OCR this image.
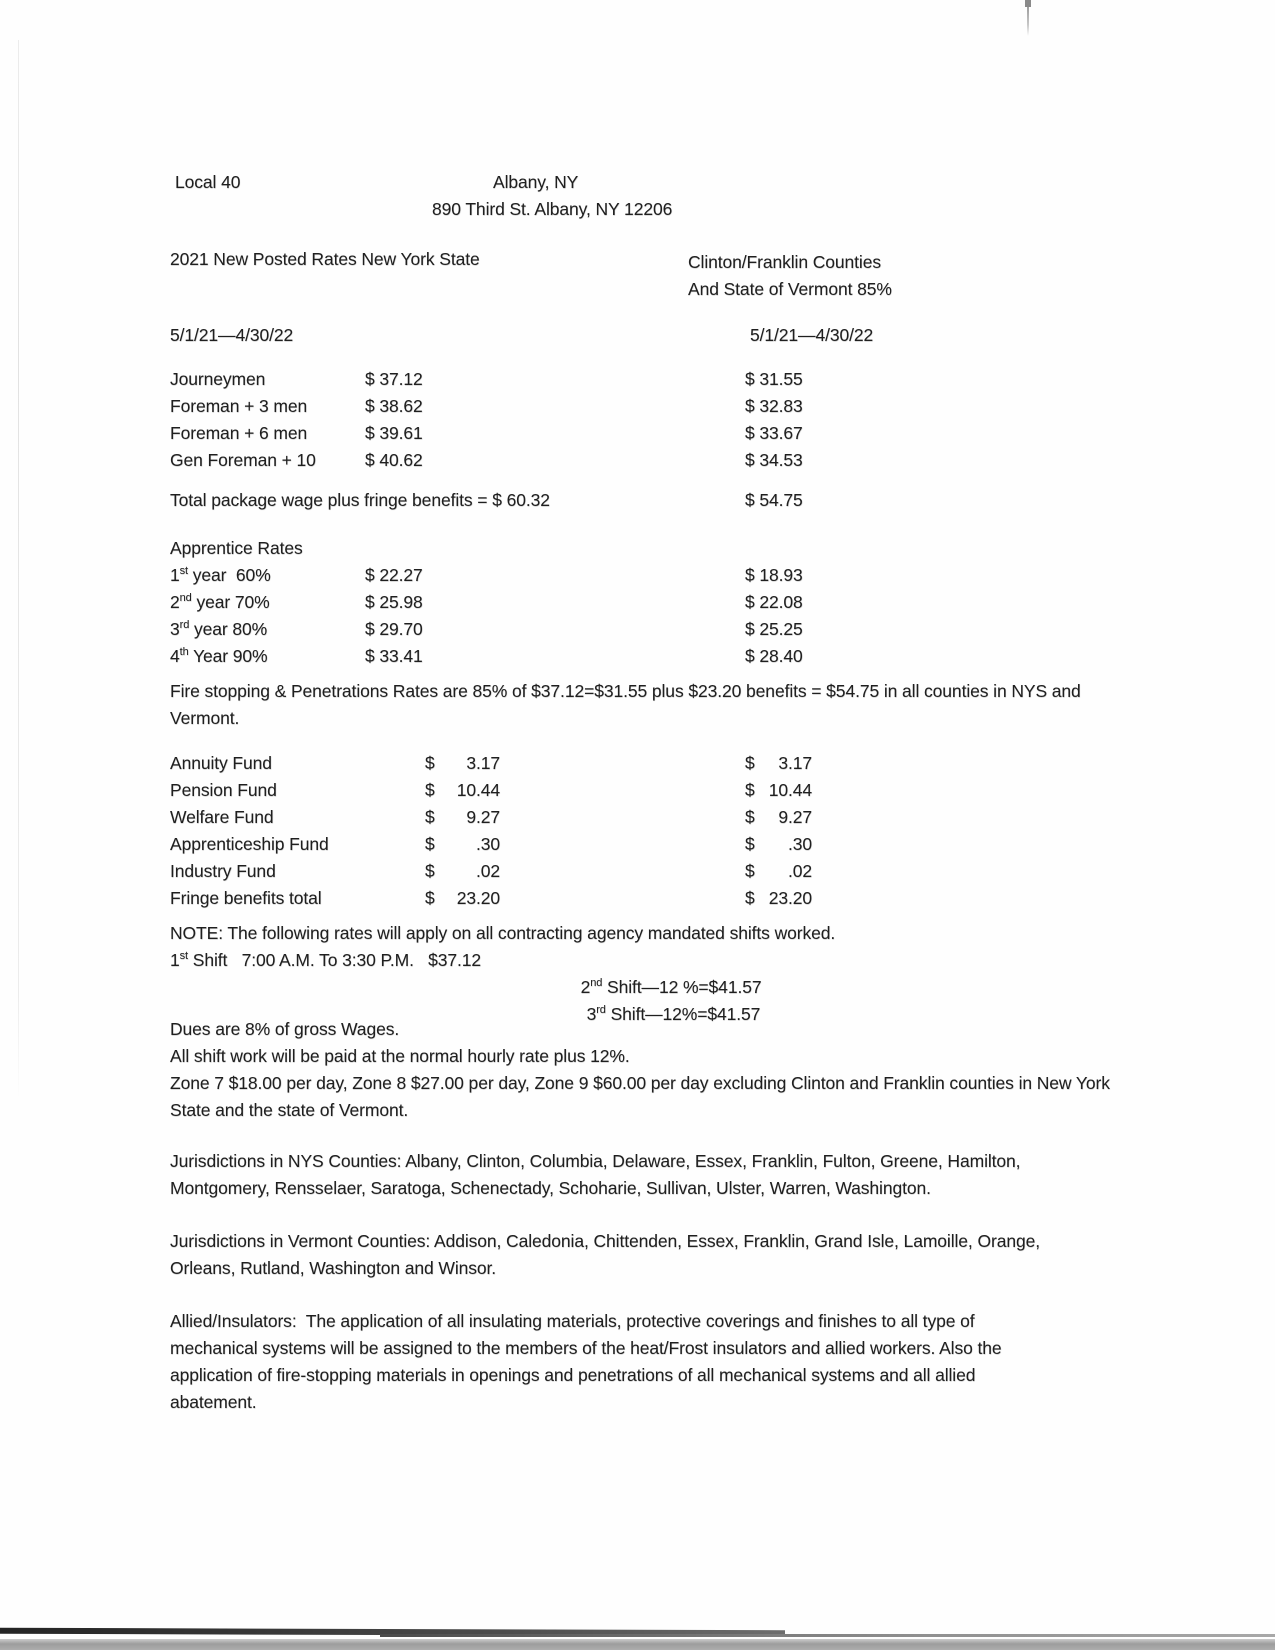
Local 40	Albany, NY
890 Third St. Albany, NY 12206
2021 New Posted Rates New York State	Clinton/Franklin Counties
And State of Vermont 85%
5/1/21—4/30/22	5/1/21—4/30/22
Journeymen	$ 37.12	$ 31.55
Foreman + 3 men	$ 38.62	$ 32.83
Foreman + 6 men	$ 39.61	$ 33.67
Gen Foreman + 10	$ 40.62	$ 34.53
Total package wage plus fringe benefits = $ 60.32	$ 54.75
Apprentice Rates
1st year  60%	$ 22.27	$ 18.93
2nd year 70%	$ 25.98	$ 22.08
3rd year 80%	$ 29.70	$ 25.25
4th Year 90%	$ 33.41	$ 28.40
Fire stopping & Penetrations Rates are 85% of $37.12=$31.55 plus $23.20 benefits = $54.75 in all counties in NYS and Vermont.
Annuity Fund	$	3.17	$	3.17
Pension Fund	$	10.44	$ 10.44
Welfare Fund	$	9.27	$	9.27
Apprenticeship Fund	$	.30	$	.30
Industry Fund	$	.02	$	.02
Fringe benefits total	$	23.20	$ 23.20
NOTE: The following rates will apply on all contracting agency mandated shifts worked.
1st Shift   7:00 A.M. To 3:30 P.M.   $37.12

2nd Shift—12 %=$41.57
3rd Shift—12%=$41.57

Dues are 8% of gross Wages.
All shift work will be paid at the normal hourly rate plus 12%.
Zone 7 $18.00 per day, Zone 8 $27.00 per day, Zone 9 $60.00 per day excluding Clinton and Franklin counties in New York State and the state of Vermont.
Jurisdictions in NYS Counties: Albany, Clinton, Columbia, Delaware, Essex, Franklin, Fulton, Greene, Hamilton, Montgomery, Rensselaer, Saratoga, Schenectady, Schoharie, Sullivan, Ulster, Warren, Washington.
Jurisdictions in Vermont Counties: Addison, Caledonia, Chittenden, Essex, Franklin, Grand Isle, Lamoille, Orange, Orleans, Rutland, Washington and Winsor.
Allied/Insulators:  The application of all insulating materials, protective coverings and finishes to all type of mechanical systems will be assigned to the members of the heat/Frost insulators and allied workers. Also the application of fire-stopping materials in openings and penetrations of all mechanical systems and all allied abatement.
